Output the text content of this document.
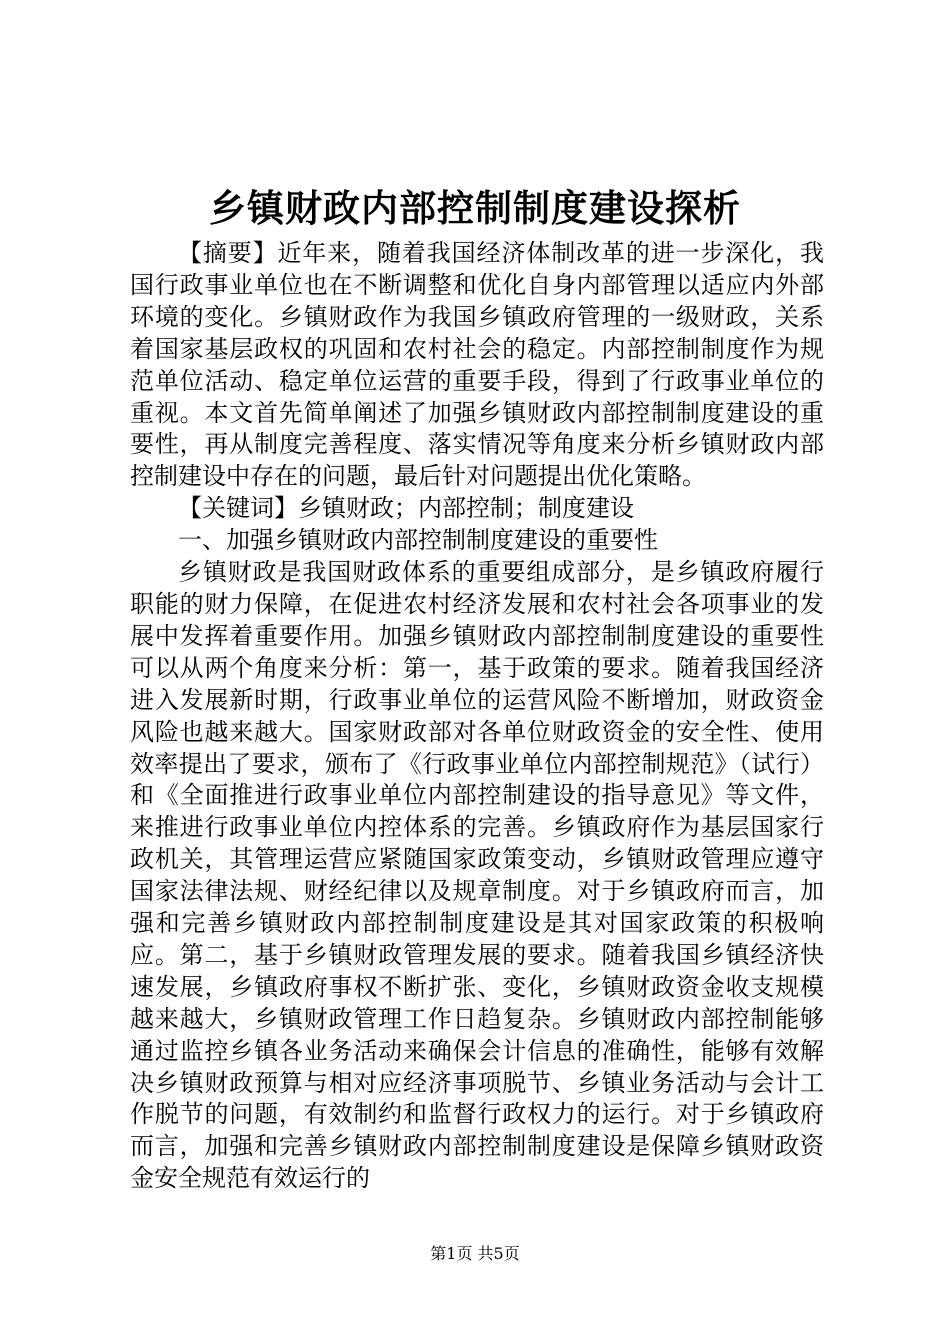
乡镇财政内部控制制度建设探析

【摘要】近年来，随着我国经济体制改革的进一步深化，我国行政事业单位也在不断调整和优化自身内部管理以适应内外部环境的变化。乡镇财政作为我国乡镇政府管理的一级财政，关系着国家基层政权的巩固和农村社会的稳定。内部控制制度作为规范单位活动、稳定单位运营的重要手段，得到了行政事业单位的重视。本文首先简单阐述了加强乡镇财政内部控制制度建设的重要性，再从制度完善程度、落实情况等角度来分析乡镇财政内部控制建设中存在的问题，最后针对问题提出优化策略。

【关键词】乡镇财政；内部控制；制度建设

一、加强乡镇财政内部控制制度建设的重要性

乡镇财政是我国财政体系的重要组成部分，是乡镇政府履行职能的财力保障，在促进农村经济发展和农村社会各项事业的发展中发挥着重要作用。加强乡镇财政内部控制制度建设的重要性可以从两个角度来分析：第一，基于政策的要求。随着我国经济进入发展新时期，行政事业单位的运营风险不断增加，财政资金风险也越来越大。国家财政部对各单位财政资金的安全性、使用效率提出了要求，颁布了《行政事业单位内部控制规范》（试行）和《全面推进行政事业单位内部控制建设的指导意见》等文件，来推进行政事业单位内控体系的完善。乡镇政府作为基层国家行政机关，其管理运营应紧随国家政策变动，乡镇财政管理应遵守国家法律法规、财经纪律以及规章制度。对于乡镇政府而言，加强和完善乡镇财政内部控制制度建设是其对国家政策的积极响应。第二，基于乡镇财政管理发展的要求。随着我国乡镇经济快速发展，乡镇政府事权不断扩张、变化，乡镇财政资金收支规模越来越大，乡镇财政管理工作日趋复杂。乡镇财政内部控制能够通过监控乡镇各业务活动来确保会计信息的准确性，能够有效解决乡镇财政预算与相对应经济事项脱节、乡镇业务活动与会计工作脱节的问题，有效制约和监督行政权力的运行。对于乡镇政府而言，加强和完善乡镇财政内部控制制度建设是保障乡镇财政资金安全规范有效运行的

第1页 共5页
